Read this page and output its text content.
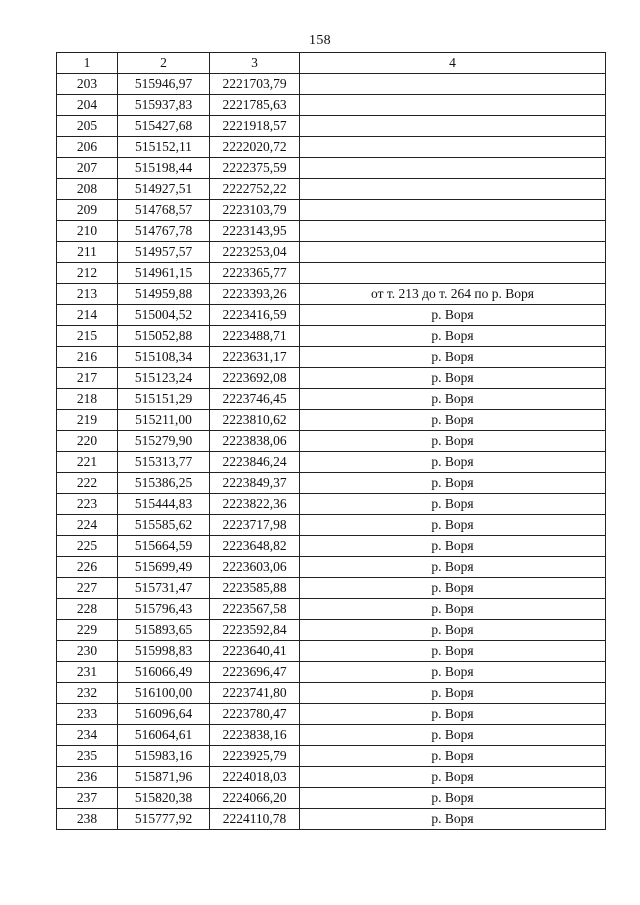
158
1	2	3	4
203	515946,97	2221703,79	
204	515937,83	2221785,63	
205	515427,68	2221918,57	
206	515152,11	2222020,72	
207	515198,44	2222375,59	
208	514927,51	2222752,22	
209	514768,57	2223103,79	
210	514767,78	2223143,95	
211	514957,57	2223253,04	
212	514961,15	2223365,77	
213	514959,88	2223393,26	от т. 213 до т. 264 по р. Воря
214	515004,52	2223416,59	р. Воря
215	515052,88	2223488,71	р. Воря
216	515108,34	2223631,17	р. Воря
217	515123,24	2223692,08	р. Воря
218	515151,29	2223746,45	р. Воря
219	515211,00	2223810,62	р. Воря
220	515279,90	2223838,06	р. Воря
221	515313,77	2223846,24	р. Воря
222	515386,25	2223849,37	р. Воря
223	515444,83	2223822,36	р. Воря
224	515585,62	2223717,98	р. Воря
225	515664,59	2223648,82	р. Воря
226	515699,49	2223603,06	р. Воря
227	515731,47	2223585,88	р. Воря
228	515796,43	2223567,58	р. Воря
229	515893,65	2223592,84	р. Воря
230	515998,83	2223640,41	р. Воря
231	516066,49	2223696,47	р. Воря
232	516100,00	2223741,80	р. Воря
233	516096,64	2223780,47	р. Воря
234	516064,61	2223838,16	р. Воря
235	515983,16	2223925,79	р. Воря
236	515871,96	2224018,03	р. Воря
237	515820,38	2224066,20	р. Воря
238	515777,92	2224110,78	р. Воря
